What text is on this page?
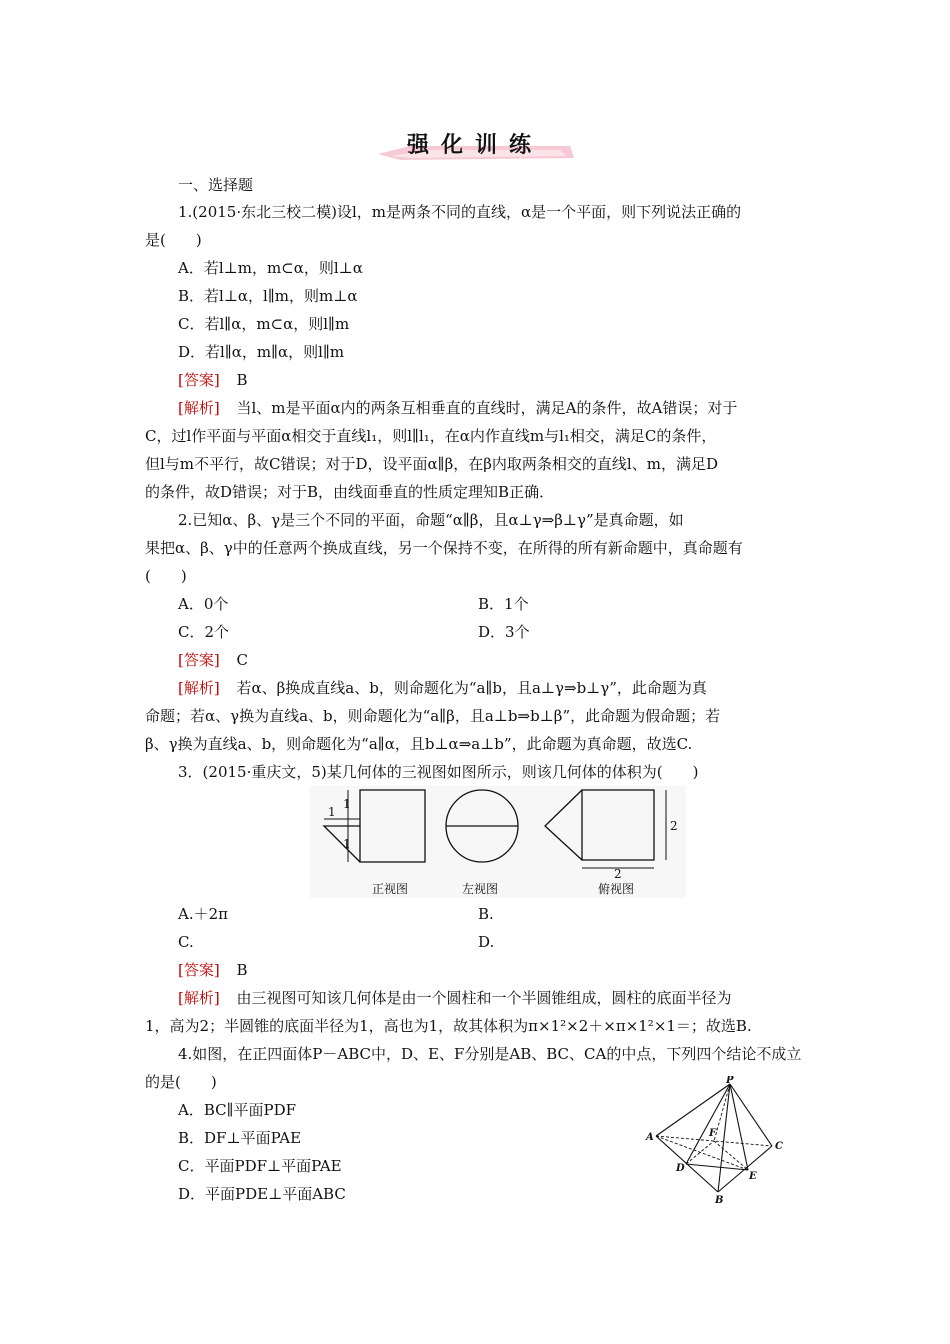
强化训练
一、选择题
1.(2015·东北三校二模)设l，m是两条不同的直线，α是一个平面，则下列说法正确的
是(　　)
A．若l⊥m，m⊂α，则l⊥α
B．若l⊥α，l∥m，则m⊥α
C．若l∥α，m⊂α，则l∥m
D．若l∥α，m∥α，则l∥m
[答案] B
[解析] 当l、m是平面α内的两条互相垂直的直线时，满足A的条件，故A错误；对于
C，过l作平面与平面α相交于直线l₁，则l∥l₁，在α内作直线m与l₁相交，满足C的条件，
但l与m不平行，故C错误；对于D，设平面α∥β，在β内取两条相交的直线l、m，满足D
的条件，故D错误；对于B，由线面垂直的性质定理知B正确．
2.已知α、β、γ是三个不同的平面，命题“α∥β，且α⊥γ⇒β⊥γ”是真命题，如
果把α、β、γ中的任意两个换成直线，另一个保持不变，在所得的所有新命题中，真命题有
(　　)
A．0个	B．1个
C．2个	D．3个
[答案] C
[解析] 若α、β换成直线a、b，则命题化为“a∥b，且a⊥γ⇒b⊥γ”，此命题为真
命题；若α、γ换为直线a、b，则命题化为“a∥β，且a⊥b⇒b⊥β”，此命题为假命题；若
β、γ换为直线a、b，则命题化为“a∥α，且b⊥α⇒a⊥b”，此命题为真命题，故选C.
3．(2015·重庆文，5)某几何体的三视图如图所示，则该几何体的体积为(　　)
1
1
1
2
2
正视图	左视图	俯视图
A.＋2π	B.
C.	D.
[答案] B
[解析] 由三视图可知该几何体是由一个圆柱和一个半圆锥组成，圆柱的底面半径为
1，高为2；半圆锥的底面半径为1，高也为1，故其体积为π×1²×2＋×π×1²×1＝；故选B.
4.如图，在正四面体P－ABC中，D、E、F分别是AB、BC、CA的中点，下列四个结论不成立
的是(　　)
A．BC∥平面PDF
B．DF⊥平面PAE
C．平面PDF⊥平面PAE
D．平面PDE⊥平面ABC
P
A
C
B
D
E
F
